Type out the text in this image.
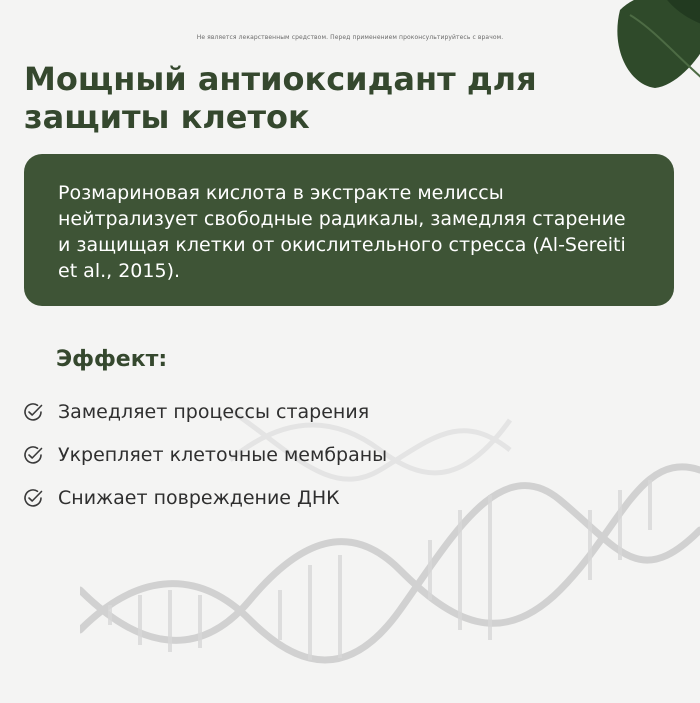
Не является лекарственным средством. Перед применением проконсультируйтесь с врачом.
Мощный антиоксидант для защиты клеток

Розмариновая кислота в экстракте мелиссы нейтрализует свободные радикалы, замедляя старение и защищая клетки от окислительного стресса (Al-Sereiti et al., 2015).

Эффект:
Замедляет процессы старения
Укрепляет клеточные мембраны
Снижает повреждение ДНК
